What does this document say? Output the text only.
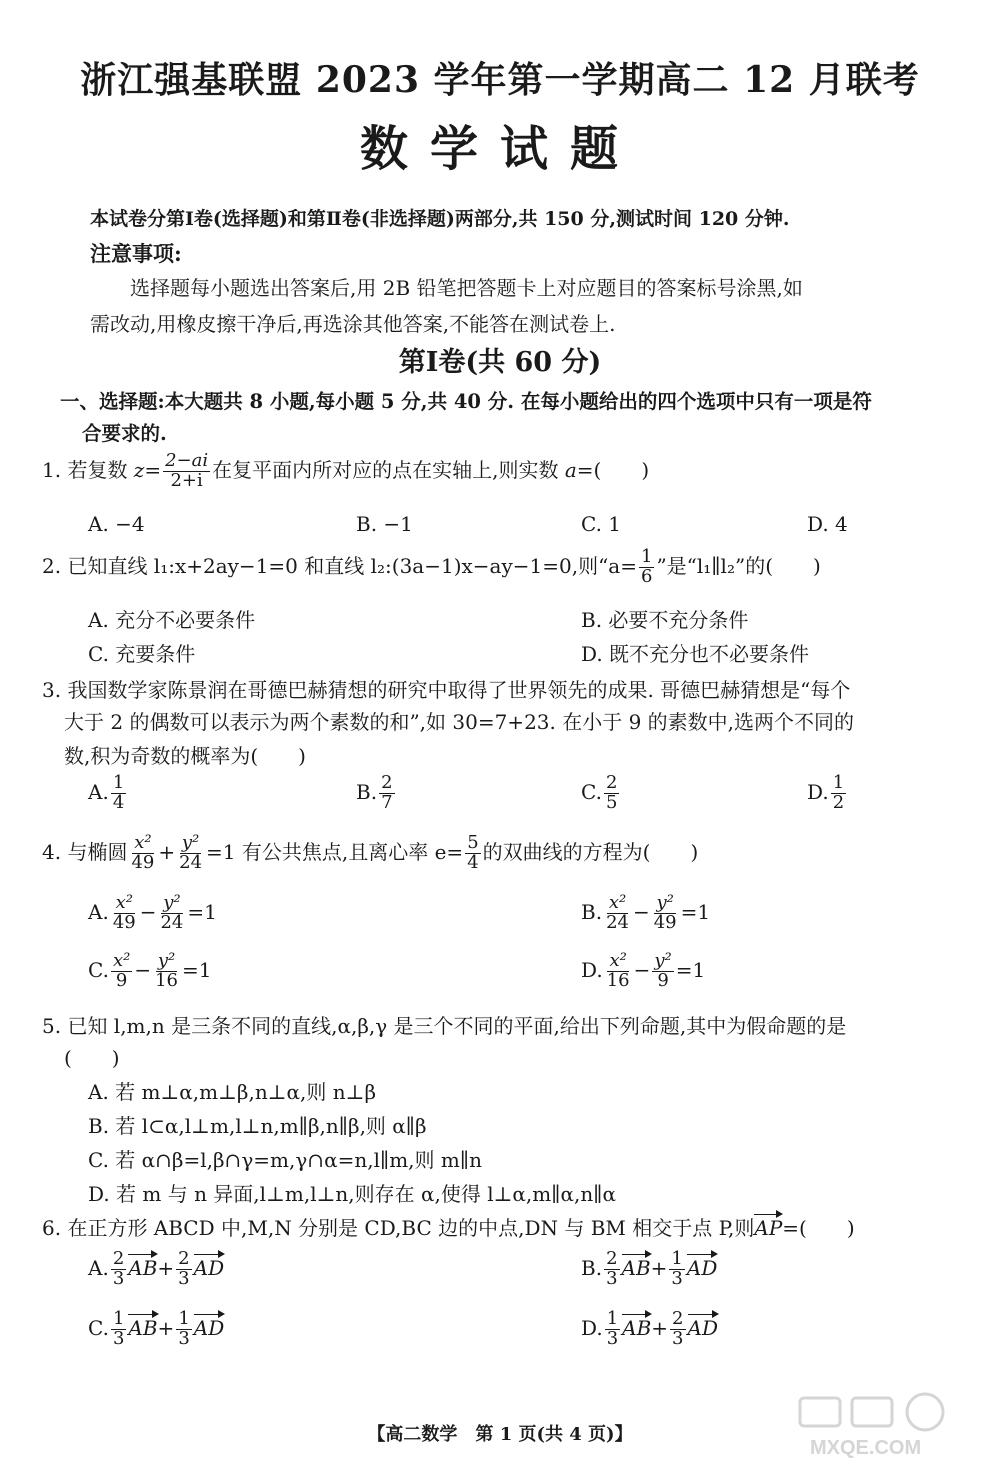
浙江强基联盟 2023 学年第一学期高二 12 月联考
数学试题
本试卷分第Ⅰ卷(选择题)和第Ⅱ卷(非选择题)两部分,共 150 分,测试时间 120 分钟.
注意事项:
选择题每小题选出答案后,用 2B 铅笔把答题卡上对应题目的答案标号涂黑,如
需改动,用橡皮擦干净后,再选涂其他答案,不能答在测试卷上.
第Ⅰ卷(共 60 分)
一、选择题:本大题共 8 小题,每小题 5 分,共 40 分. 在每小题给出的四个选项中只有一项是符
合要求的.
1. 若复数 $z= \frac{2-ai}{2+i}$ 在复平面内所对应的点在实轴上,则实数 a=(　　)
A. −4	B. −1	C. 1	D. 4
2. 已知直线 l₁:x+2ay−1=0 和直线 l₂:(3a−1)x−ay−1=0,则“$a= \frac{1}{6}$ ”是“l₁∥l₂”的(　　)
A. 充分不必要条件	B. 必要不充分条件
C. 充要条件	D. 既不充分也不必要条件
3. 我国数学家陈景润在哥德巴赫猜想的研究中取得了世界领先的成果. 哥德巴赫猜想是“每个
大于 2 的偶数可以表示为两个素数的和”,如 30=7+23. 在小于 9 的素数中,选两个不同的
数,积为奇数的概率为(　　)
A. $\frac{1}{4}$	B. $\frac{2}{7}$	C. $\frac{2}{5}$	D. $\frac{1}{2}$
4. 与椭圆 $\frac{\text{x²}}{49} + \frac{\text{y²}}{24} =1$ 有公共焦点,且离心率 $e= \frac{5}{4}$ 的双曲线的方程为(　　)
A. $\frac{\text{x²}}{49} - \frac{\text{y²}}{24} =1$	B. $\frac{\text{x²}}{24} - \frac{\text{y²}}{49} =1$
C. $\frac{\text{x²}}{9} - \frac{\text{y²}}{16} =1$	D. $\frac{\text{x²}}{16} - \frac{\text{y²}}{9} =1$
5. 已知 l,m,n 是三条不同的直线,α,β,γ 是三个不同的平面,给出下列命题,其中为假命题的是
(　　)
A. 若 m⊥α,m⊥β,n⊥α,则 n⊥β
B. 若 l⊂α,l⊥m,l⊥n,m∥β,n∥β,则 α∥β
C. 若 α∩β=l,β∩γ=m,γ∩α=n,l∥m,则 m∥n
D. 若 m 与 n 异面,l⊥m,l⊥n,则存在 α,使得 l⊥α,m∥α,n∥α
6. 在正方形 ABCD 中,M,N 分别是 CD,BC 边的中点,DN 与 BM 相交于点 P,则AP=(　　)
A. $\frac{2}{3} AB+ \frac{2}{3}$ AD	B. $\frac{2}{3} AB+ \frac{1}{3}$ AD
C. $\frac{1}{3} AB+ \frac{1}{3}$ AD	D. $\frac{1}{3} AB+ \frac{2}{3}$ AD
【高二数学　第 1 页(共 4 页)】
MXQE.COM
